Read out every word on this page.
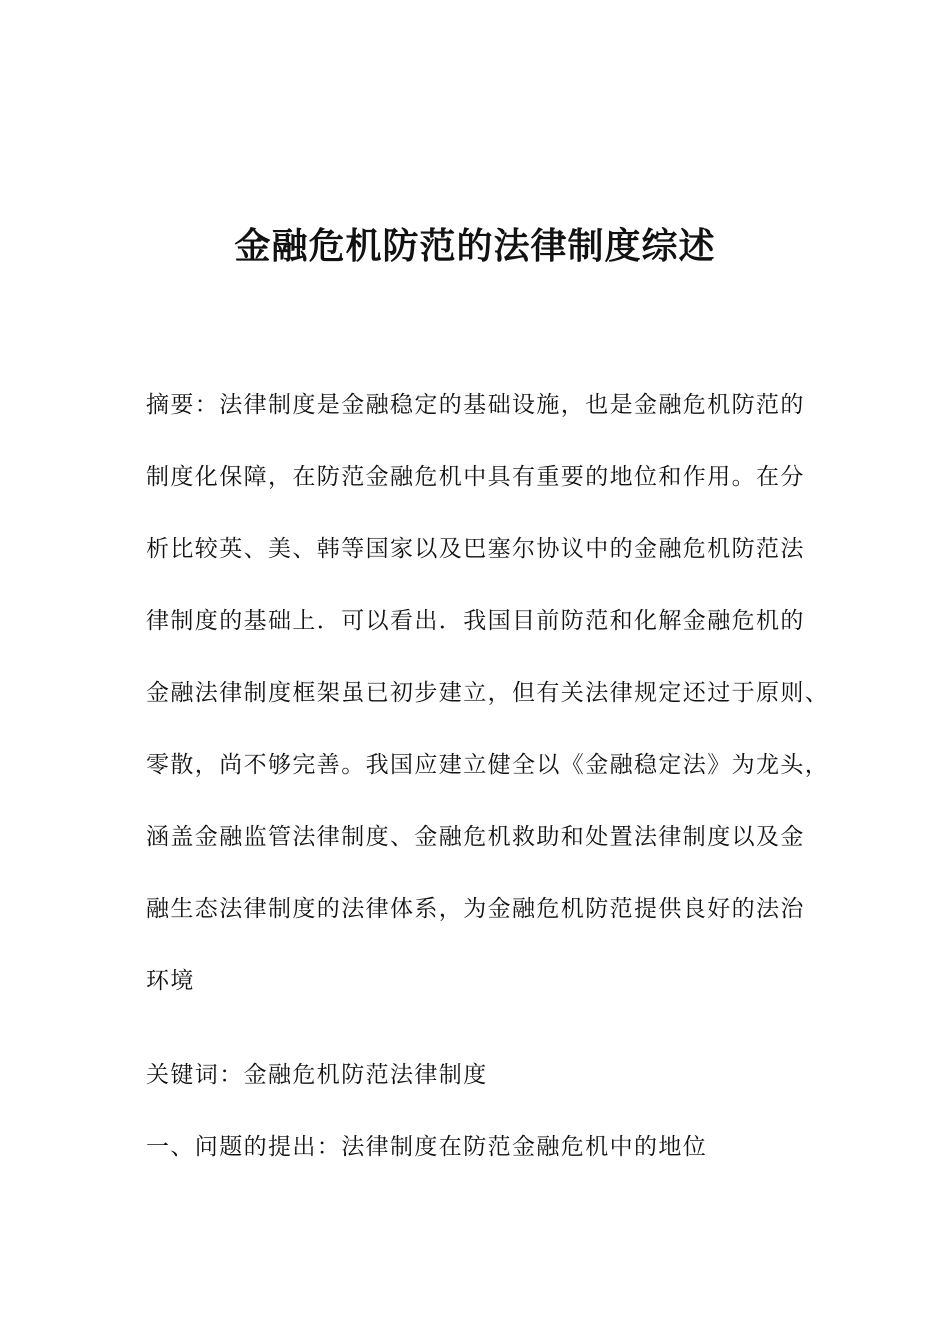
金融危机防范的法律制度综述
摘要：法律制度是金融稳定的基础设施，也是金融危机防范的
制度化保障，在防范金融危机中具有重要的地位和作用。在分
析比较英、美、韩等国家以及巴塞尔协议中的金融危机防范法
律制度的基础上．可以看出．我国目前防范和化解金融危机的
金融法律制度框架虽已初步建立，但有关法律规定还过于原则、
零散，尚不够完善。我国应建立健全以《金融稳定法》为龙头，
涵盖金融监管法律制度、金融危机救助和处置法律制度以及金
融生态法律制度的法律体系，为金融危机防范提供良好的法治
环境
关键词：金融危机防范法律制度
一、问题的提出：法律制度在防范金融危机中的地位
